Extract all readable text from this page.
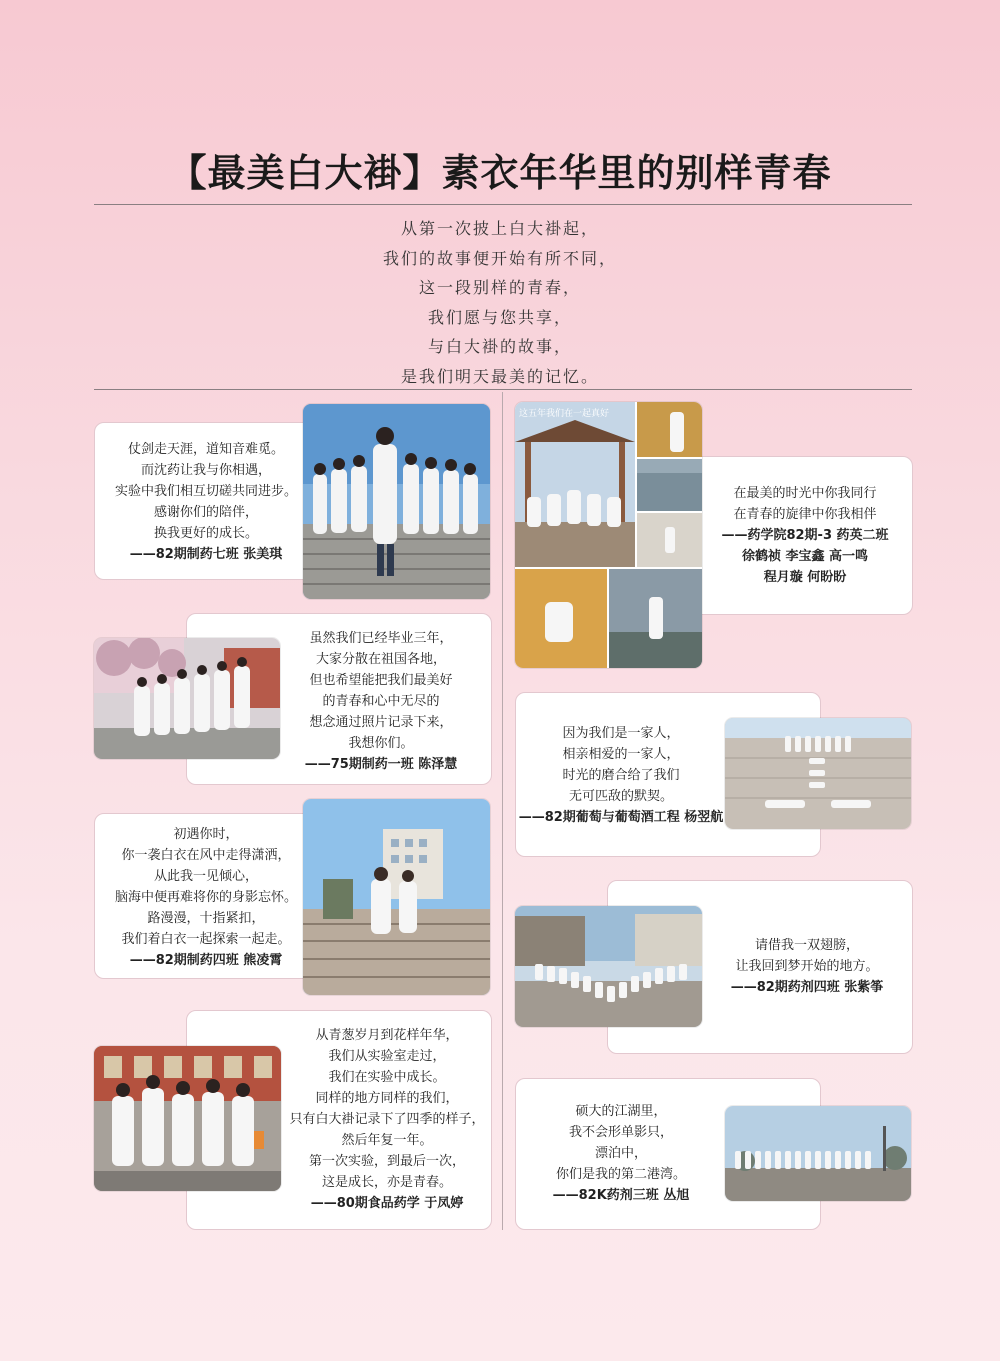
【最美白大褂】素衣年华里的别样青春
从第一次披上白大褂起，
我们的故事便开始有所不同，
这一段别样的青春，
我们愿与您共享，
与白大褂的故事，
是我们明天最美的记忆。
仗剑走天涯，道知音难觅。
而沈药让我与你相遇，
实验中我们相互切磋共同进步。
感谢你们的陪伴，
换我更好的成长。
——82期制药七班 张美琪
虽然我们已经毕业三年，
大家分散在祖国各地，
但也希望能把我们最美好
的青春和心中无尽的
想念通过照片记录下来，
我想你们。
——75期制药一班 陈泽慧
初遇你时，
你一袭白衣在风中走得潇洒，
从此我一见倾心，
脑海中便再难将你的身影忘怀。
路漫漫，十指紧扣，
我们着白衣一起探索一起走。
——82期制药四班 熊凌霄
从青葱岁月到花样年华，
我们从实验室走过，
我们在实验中成长。
同样的地方同样的我们，
只有白大褂记录下了四季的样子，
然后年复一年。
第一次实验，到最后一次，
这是成长，亦是青春。
——80期食品药学 于凤婷
在最美的时光中你我同行
在青春的旋律中你我相伴
——药学院82期-3 药英二班
徐鹤祯 李宝鑫 高一鸣
程月璇 何盼盼
这五年我们在一起真好
因为我们是一家人，
相亲相爱的一家人，
时光的磨合给了我们
无可匹敌的默契。
——82期葡萄与葡萄酒工程 杨翌航
请借我一双翅膀，
让我回到梦开始的地方。
——82期药剂四班 张紫筝
硕大的江湖里，
我不会形单影只，
漂泊中，
你们是我的第二港湾。
——82K药剂三班 丛旭
